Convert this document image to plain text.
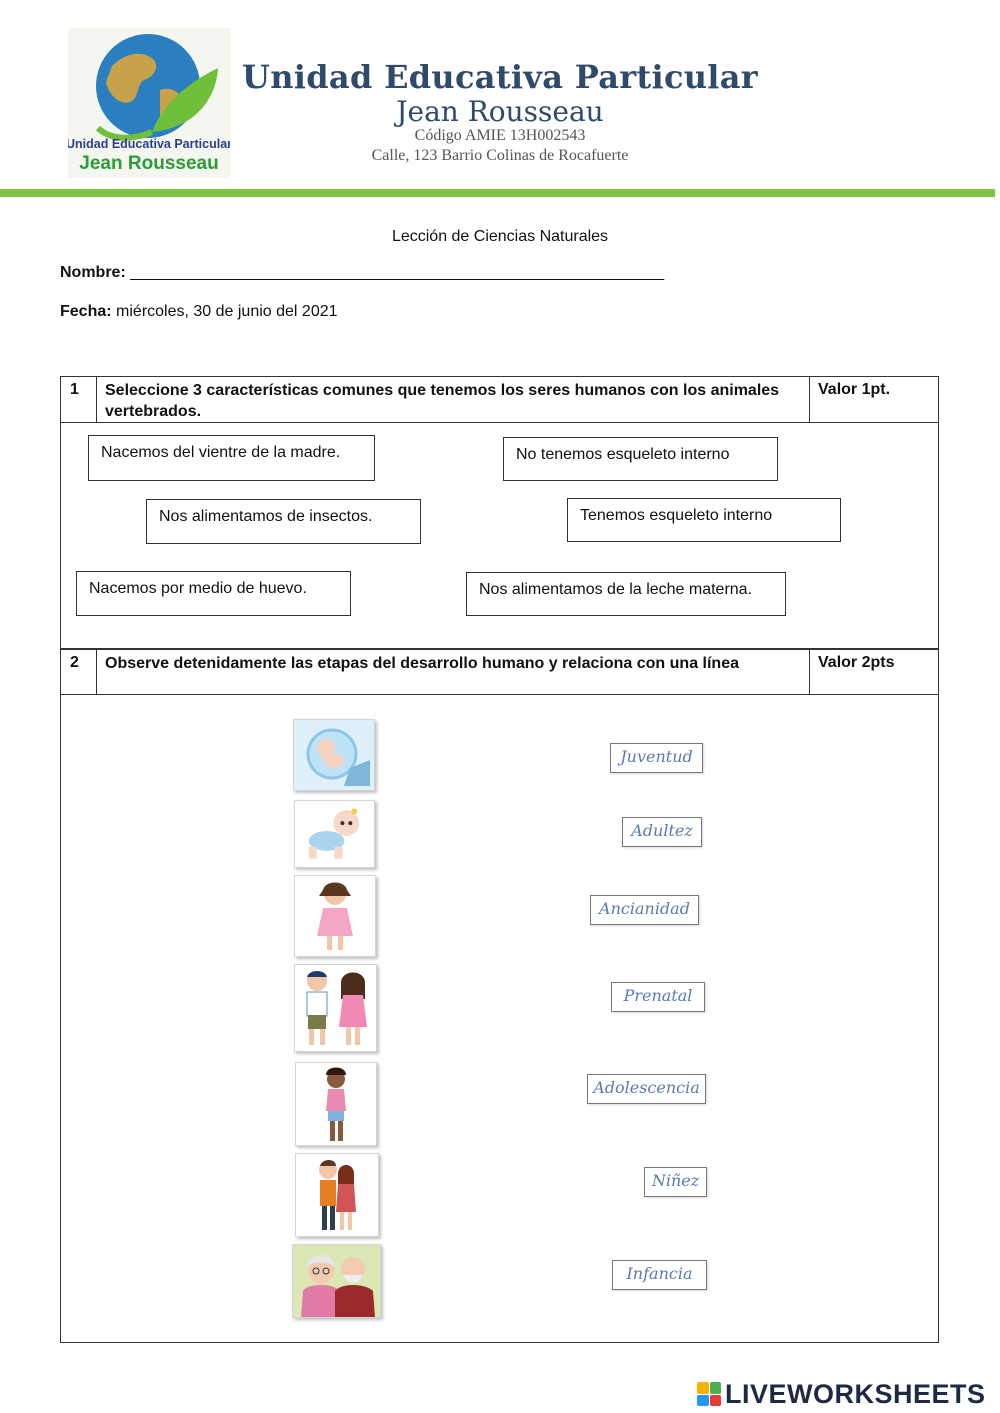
Unidad Educativa Particular
Jean Rousseau
Unidad Educativa Particular
Jean Rousseau
Código AMIE 13H002543
Calle, 123 Barrio Colinas de Rocafuerte
Lección de Ciencias Naturales
Nombre: ____________________________________________________________
Fecha: miércoles, 30 de junio del 2021
1 Seleccione 3 características comunes que tenemos los seres humanos con los animales vertebrados.
Valor 1pt.
Nacemos del vientre de la madre.	No tenemos esqueleto interno
Nos alimentamos de insectos.	Tenemos esqueleto interno
Nacemos por medio de huevo.	Nos alimentamos de la leche materna.
2 Observe detenidamente las etapas del desarrollo humano y relaciona con una línea	Valor 2pts
Juventud
Adultez
Ancianidad
Prenatal
Adolescencia
Niñez
Infancia
LIVEWORKSHEETS
